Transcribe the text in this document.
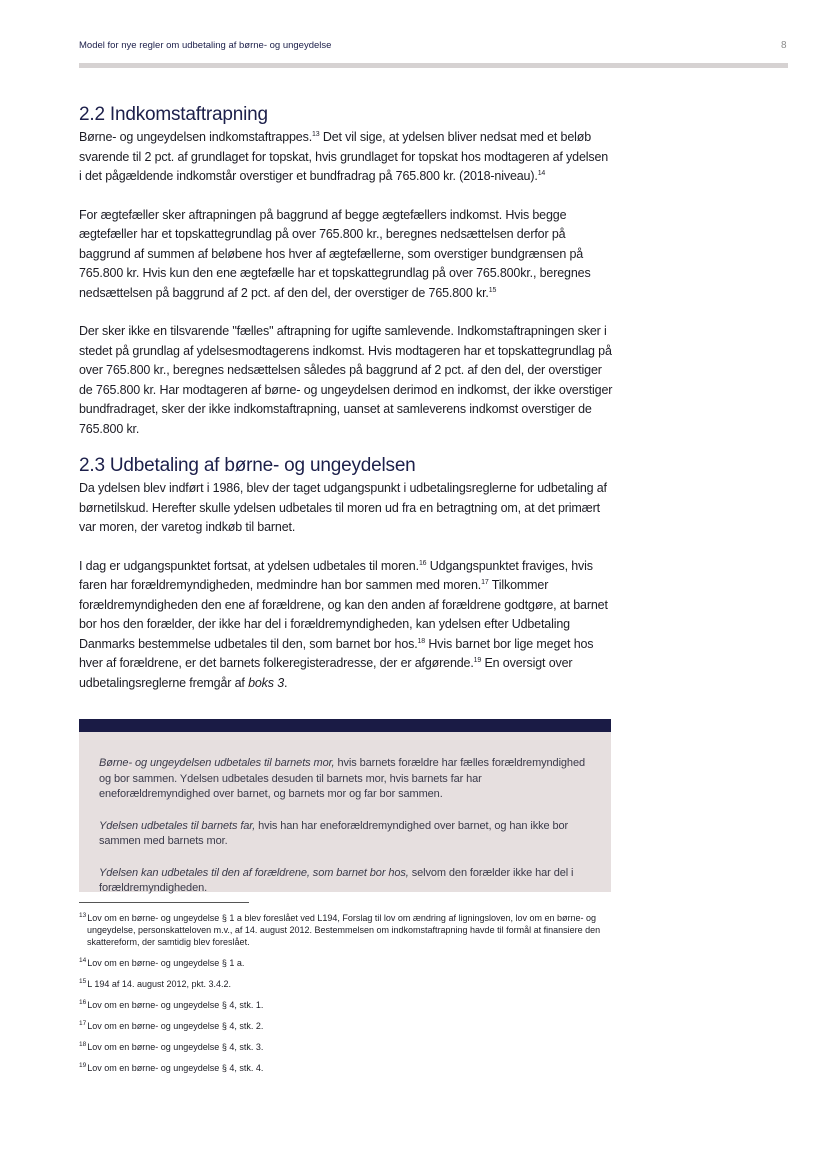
Model for nye regler om udbetaling af børne- og ungeydelse	8
2.2 Indkomstaftrapning

Børne- og ungeydelsen indkomstaftrappes.$^{13}$ Det vil sige, at ydelsen bliver nedsat med et beløb svarende til 2 pct. af grundlaget for topskat, hvis grundlaget for topskat hos modtageren af ydelsen i det pågældende indkomstår overstiger et bundfradrag på 765.800 kr. (2018-niveau).$^{14}$

For ægtefæller sker aftrapningen på baggrund af begge ægtefællers indkomst. Hvis begge ægtefæller har et topskattegrundlag på over 765.800 kr., beregnes nedsættelsen derfor på baggrund af summen af beløbene hos hver af ægtefællerne, som overstiger bundgrænsen på 765.800 kr. Hvis kun den ene ægtefælle har et topskattegrundlag på over 765.800kr., beregnes nedsættelsen på baggrund af 2 pct. af den del, der overstiger de 765.800 kr.$^{15}$

Der sker ikke en tilsvarende "fælles" aftrapning for ugifte samlevende. Indkomstaftrapningen sker i stedet på grundlag af ydelsesmodtagerens indkomst. Hvis modtageren har et topskattegrundlag på over 765.800 kr., beregnes nedsættelsen således på baggrund af 2 pct. af den del, der overstiger de 765.800 kr. Har modtageren af børne- og ungeydelsen derimod en indkomst, der ikke overstiger bundfradraget, sker der ikke indkomstaftrapning, uanset at samleverens indkomst overstiger de 765.800 kr.

2.3 Udbetaling af børne- og ungeydelsen

Da ydelsen blev indført i 1986, blev der taget udgangspunkt i udbetalingsreglerne for udbetaling af børnetilskud. Herefter skulle ydelsen udbetales til moren ud fra en betragtning om, at det primært var moren, der varetog indkøb til barnet.

I dag er udgangspunktet fortsat, at ydelsen udbetales til moren.$^{16}$ Udgangspunktet fraviges, hvis faren har forældremyndigheden, medmindre han bor sammen med moren.$^{17}$ Tilkommer forældremyndigheden den ene af forældrene, og kan den anden af forældrene godtgøre, at barnet bor hos den forælder, der ikke har del i forældremyndigheden, kan ydelsen efter Udbetaling Danmarks bestemmelse udbetales til den, som barnet bor hos.$^{18}$ Hvis barnet bor lige meget hos hver af forældrene, er det barnets folkeregisteradresse, der er afgørende.$^{19}$ En oversigt over udbetalingsreglerne fremgår af boks 3.

Børne- og ungeydelsen udbetales til barnets mor, hvis barnets forældre har fælles forældremyndighed og bor sammen. Ydelsen udbetales desuden til barnets mor, hvis barnets far har eneforældremyndighed over barnet, og barnets mor og far bor sammen.

Ydelsen udbetales til barnets far, hvis han har eneforældremyndighed over barnet, og han ikke bor sammen med barnets mor.

Ydelsen kan udbetales til den af forældrene, som barnet bor hos, selvom den forælder ikke har del i forældremyndigheden.

$^{13}$Lov om en børne- og ungeydelse § 1 a blev foreslået ved L194, Forslag til lov om ændring af ligningsloven, lov om en børne- og ungeydelse, personskatteloven m.v., af 14. august 2012. Bestemmelsen om indkomstaftrapning havde til formål at finansiere den skattereform, der samtidig blev foreslået.
$^{14}$Lov om en børne- og ungeydelse § 1 a.
$^{15}$L 194 af 14. august 2012, pkt. 3.4.2.
$^{16}$Lov om en børne- og ungeydelse § 4, stk. 1.
$^{17}$Lov om en børne- og ungeydelse § 4, stk. 2.
$^{18}$Lov om en børne- og ungeydelse § 4, stk. 3.
$^{19}$Lov om en børne- og ungeydelse § 4, stk. 4.
